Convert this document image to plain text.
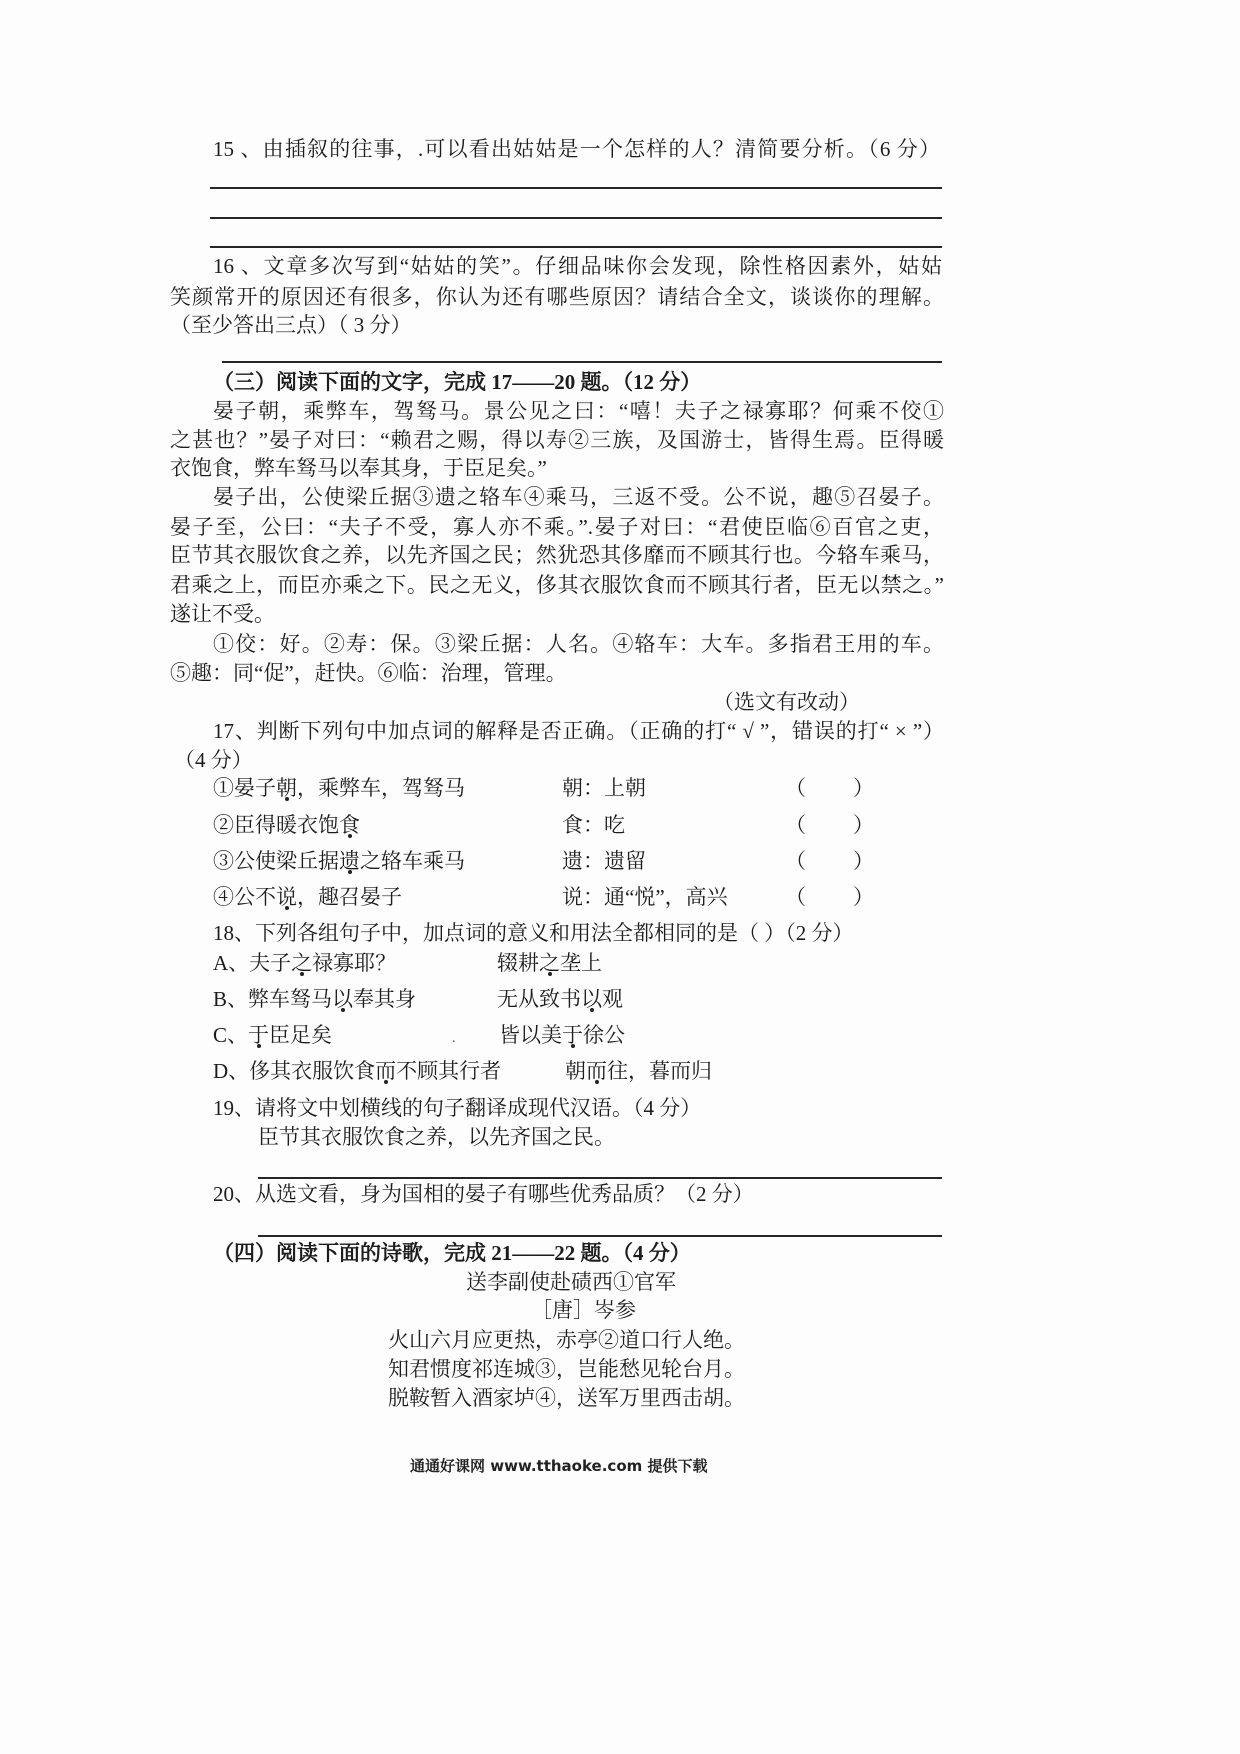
15 、由插叙的往事，.可以看出姑姑是一个怎样的人？清简要分析。（6 分）
16 、文章多次写到“姑姑的笑”。仔细品味你会发现，除性格因素外，姑姑
笑颜常开的原因还有很多，你认为还有哪些原因？请结合全文，谈谈你的理解。
（至少答出三点）（ 3 分）
（三）阅读下面的文字，完成 17——20 题。（12 分）
晏子朝，乘弊车，驾驽马。景公见之曰：“嘻！夫子之禄寡耶？何乘不佼①
之甚也？”晏子对曰：“赖君之赐，得以寿②三族，及国游士，皆得生焉。臣得暖
衣饱食，弊车驽马以奉其身，于臣足矣。”
晏子出，公使梁丘据③遗之辂车④乘马，三返不受。公不说，趣⑤召晏子。
晏子至，公曰：“夫子不受，寡人亦不乘。”.晏子对曰：“君使臣临⑥百官之吏，
臣节其衣服饮食之养，以先齐国之民；然犹恐其侈靡而不顾其行也。今辂车乘马，
君乘之上，而臣亦乘之下。民之无义，侈其衣服饮食而不顾其行者，臣无以禁之。”
遂让不受。
①佼：好。②寿：保。③梁丘据：人名。④辂车：大车。多指君王用的车。
⑤趣：同“促”，赶快。⑥临：治理，管理。
（选文有改动）
17、判断下列句中加点词的解释是否正确。（正确的打“ √ ”，错误的打“ × ”）
（4 分）
①晏子朝，乘弊车，驾驽马	朝：上朝	（ ）
②臣得暖衣饱食	食：吃	（ ）
③公使梁丘据遗之辂车乘马	遗：遗留	（ ）
④公不说，趣召晏子	说：通“悦”，高兴	（ ）
18、下列各组句子中，加点词的意义和用法全都相同的是（ ）（2 分）
A、夫子之禄寡耶？	辍耕之垄上
B、弊车驽马以奉其身	无从致书以观
C、于臣足矣	. 皆以美于徐公
D、侈其衣服饮食而不顾其行者	朝而往，暮而归
19、请将文中划横线的句子翻译成现代汉语。（4 分）
臣节其衣服饮食之养，以先齐国之民。
20、从选文看，身为国相的晏子有哪些优秀品质？（2 分）
（四）阅读下面的诗歌，完成 21——22 题。（4 分）
送李副使赴碛西①官军
［唐］岑参
火山六月应更热，赤亭②道口行人绝。
知君惯度祁连城③，岂能愁见轮台月。
脱鞍暂入酒家垆④，送军万里西击胡。
通通好课网 www.tthaoke.com 提供下载
